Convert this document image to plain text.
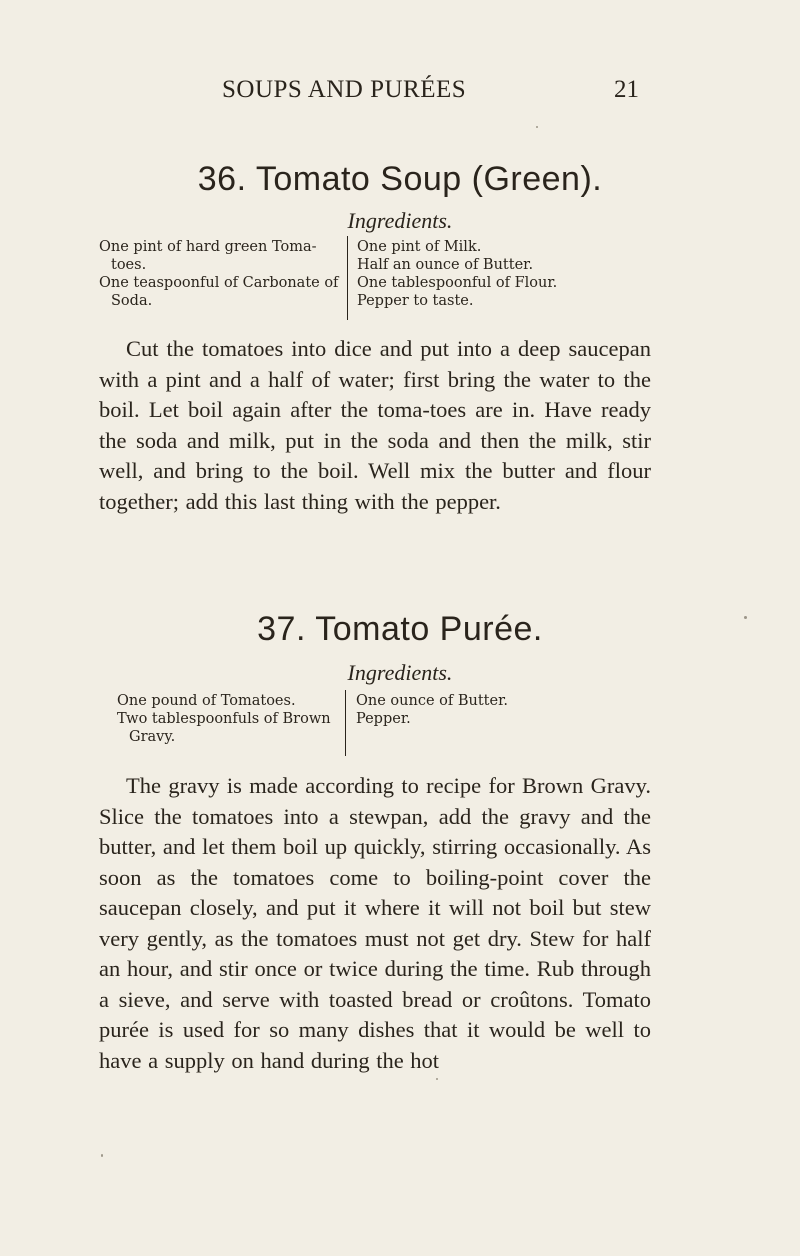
SOUPS AND PURÉES	21
36. Tomato Soup (Green).
Ingredients.
One pint of hard green Toma-toes.
One teaspoonful of Carbonate of Soda.
One pint of Milk.
Half an ounce of Butter.
One tablespoonful of Flour.
Pepper to taste.
Cut the tomatoes into dice and put into a deep saucepan with a pint and a half of water; first bring the water to the boil. Let boil again after the toma-toes are in. Have ready the soda and milk, put in the soda and then the milk, stir well, and bring to the boil. Well mix the butter and flour together; add this last thing with the pepper.
37. Tomato Purée.
Ingredients.
One pound of Tomatoes.
Two tablespoonfuls of Brown Gravy.
One ounce of Butter.
Pepper.
The gravy is made according to recipe for Brown Gravy. Slice the tomatoes into a stewpan, add the gravy and the butter, and let them boil up quickly, stirring occasionally. As soon as the tomatoes come to boiling-point cover the saucepan closely, and put it where it will not boil but stew very gently, as the tomatoes must not get dry. Stew for half an hour, and stir once or twice during the time. Rub through a sieve, and serve with toasted bread or croûtons. Tomato purée is used for so many dishes that it would be well to have a supply on hand during the hot
